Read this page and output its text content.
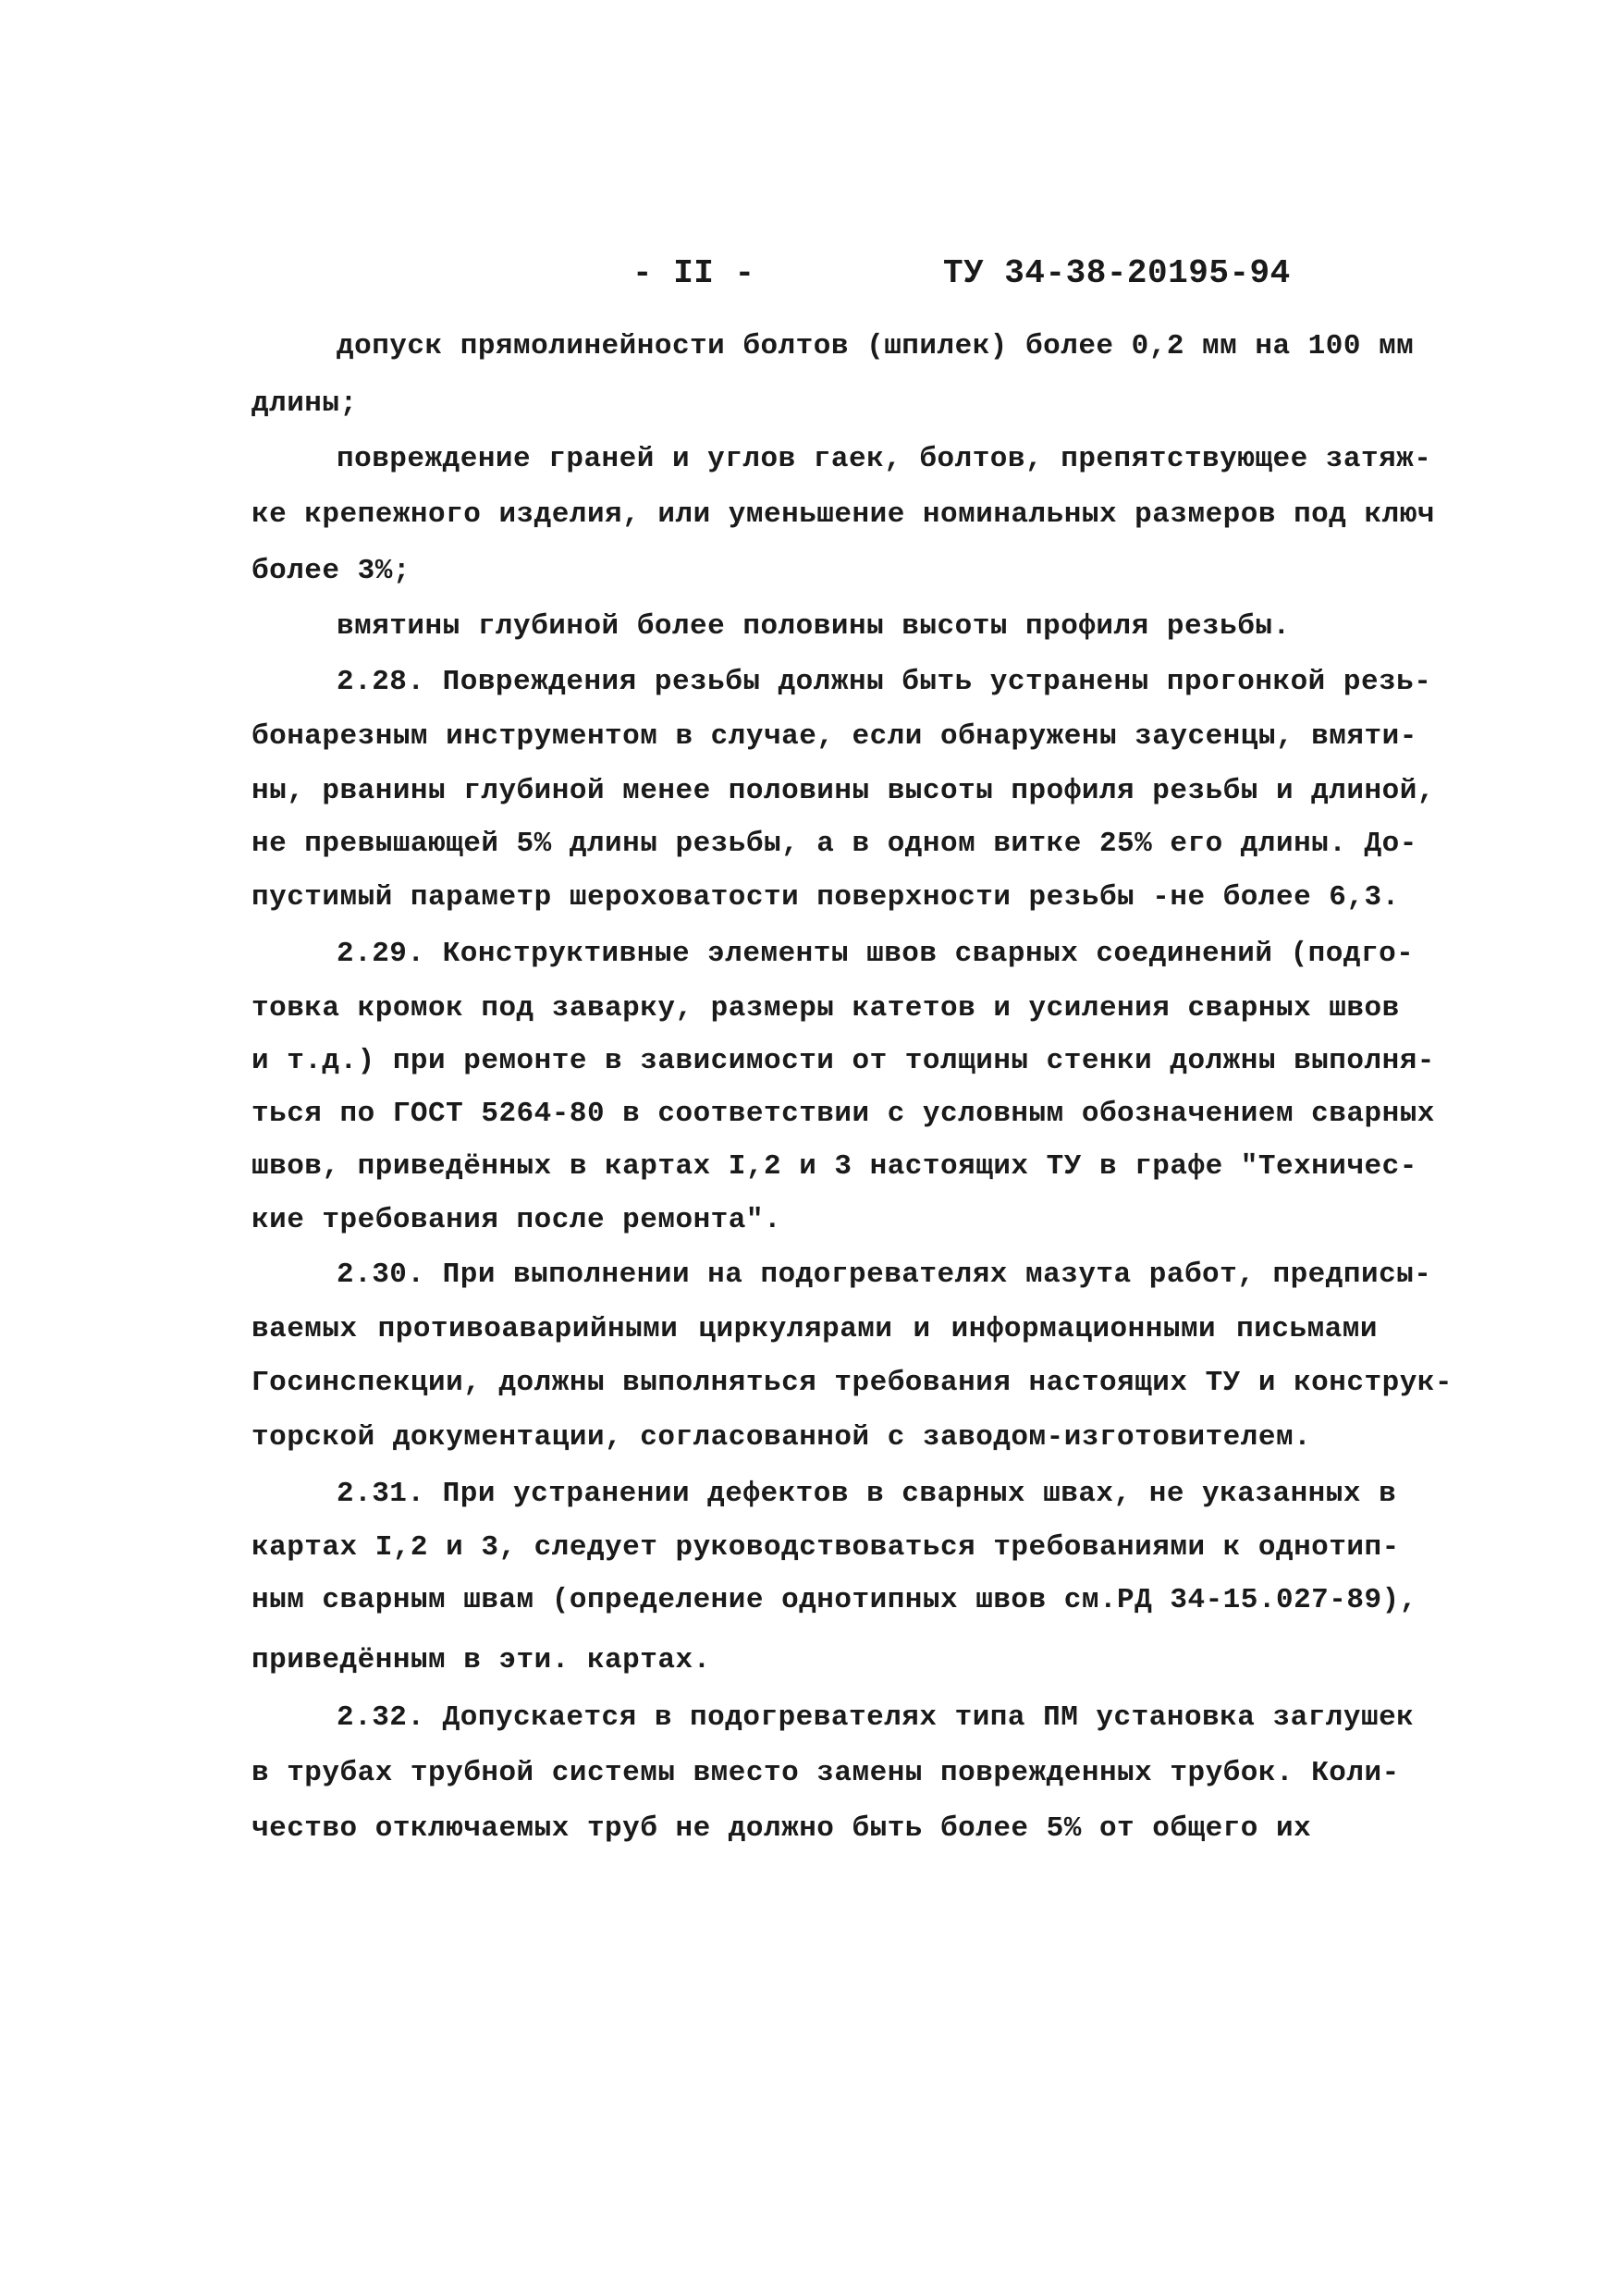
- II -	ТУ 34-38-20195-94
допуск прямолинейности болтов (шпилек) более 0,2 мм на 100 мм
длины;
повреждение граней и углов гаек, болтов, препятствующее затяж-
ке крепежного изделия, или уменьшение номинальных размеров под ключ
более 3%;
вмятины глубиной более половины высоты профиля резьбы.
2.28. Повреждения резьбы должны быть устранены прогонкой резь-
бонарезным инструментом в случае, если обнаружены заусенцы, вмяти-
ны, рванины глубиной менее половины высоты профиля резьбы и длиной,
не превышающей 5% длины резьбы, а в одном витке 25% его длины. До-
пустимый параметр шероховатости поверхности резьбы -не более 6,3.
2.29. Конструктивные элементы швов сварных соединений (подго-
товка кромок под заварку, размеры катетов и усиления сварных швов
и т.д.) при ремонте в зависимости от толщины стенки должны выполня-
ться по ГОСТ 5264-80 в соответствии с условным обозначением сварных
швов, приведённых в картах I,2 и 3 настоящих ТУ в графе "Техничес-
кие требования после ремонта".
2.30. При выполнении на подогревателях мазута работ, предписы-
ваемых противоаварийными циркулярами и информационными письмами
Госинспекции, должны выполняться требования настоящих ТУ и конструк-
торской документации, согласованной с заводом-изготовителем.
2.31. При устранении дефектов в сварных швах, не указанных в
картах I,2 и 3, следует руководствоваться требованиями к однотип-
ным сварным швам (определение однотипных швов см.РД 34-15.027-89),
приведённым в эти. картах.
2.32. Допускается в подогревателях типа ПМ установка заглушек
в трубах трубной системы вместо замены поврежденных трубок. Коли-
чество отключаемых труб не должно быть более 5% от общего их
